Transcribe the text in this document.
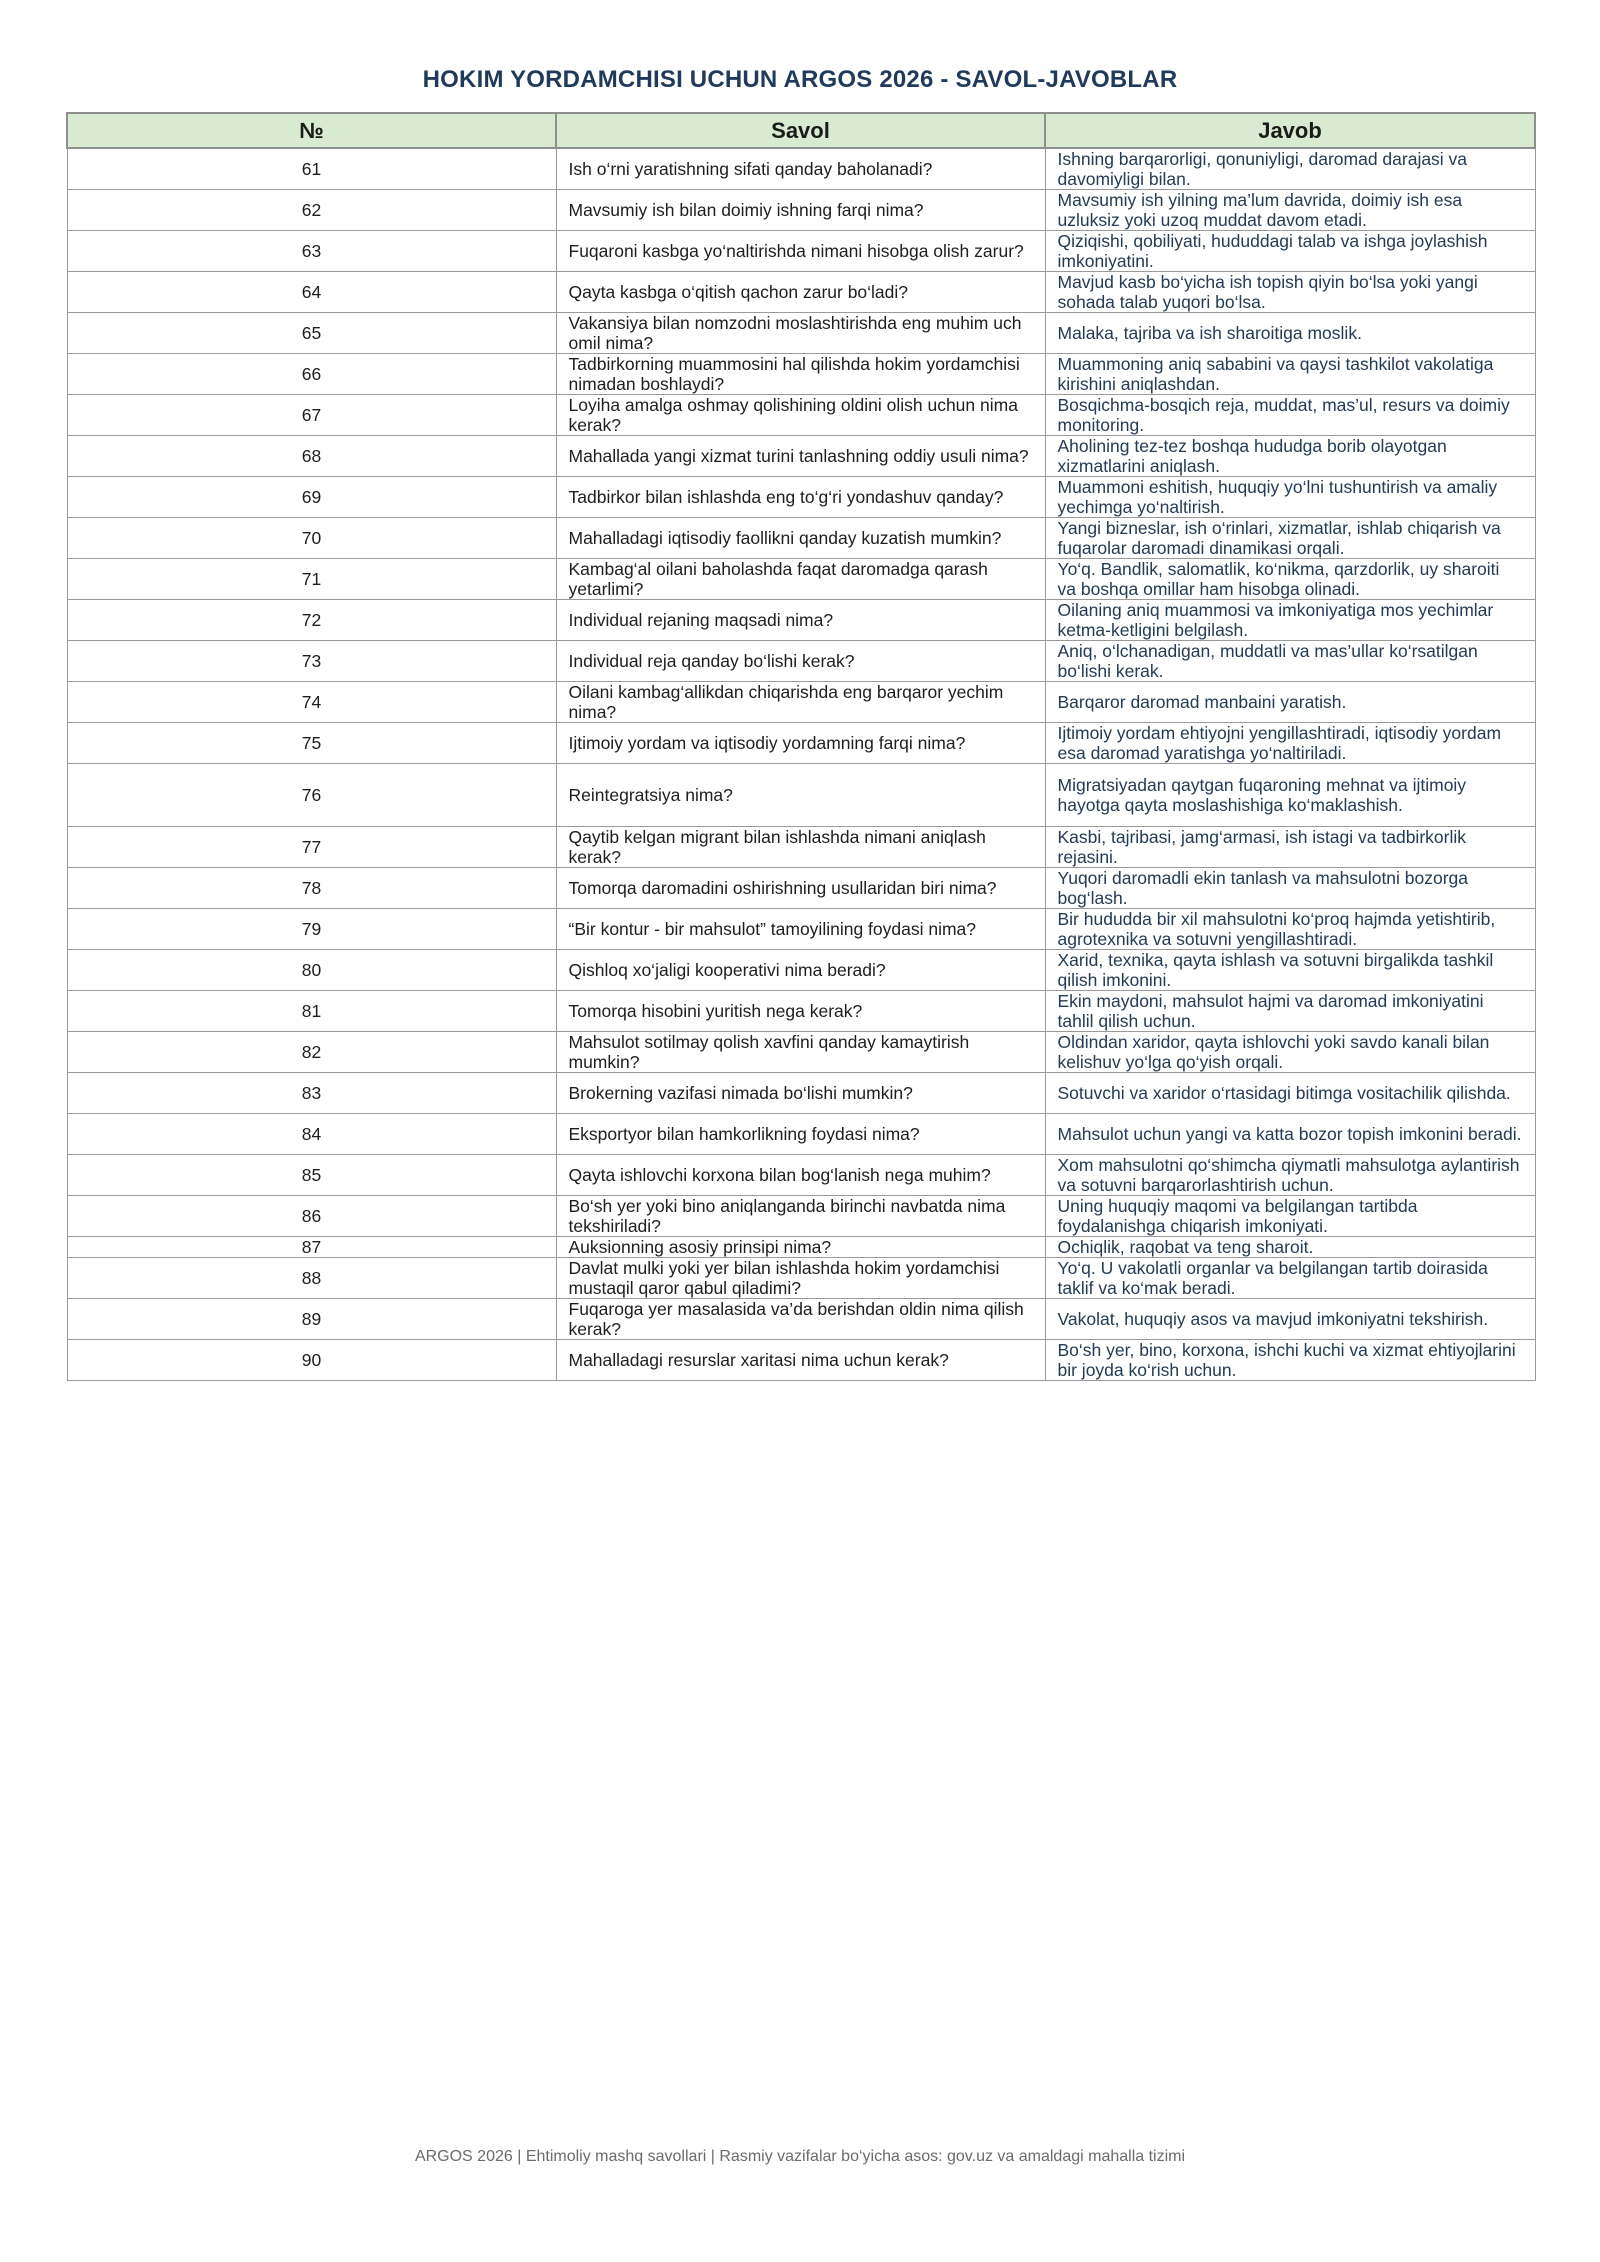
HOKIM YORDAMCHISI UCHUN ARGOS 2026 - SAVOL-JAVOBLAR
№	Savol	Javob
61	Ish o‘rni yaratishning sifati qanday baholanadi?	Ishning barqarorligi, qonuniyligi, daromad darajasi va davomiyligi bilan.
62	Mavsumiy ish bilan doimiy ishning farqi nima?	Mavsumiy ish yilning ma’lum davrida, doimiy ish esa uzluksiz yoki uzoq muddat davom etadi.
63	Fuqaroni kasbga yo‘naltirishda nimani hisobga olish zarur?	Qiziqishi, qobiliyati, hududdagi talab va ishga joylashish imkoniyatini.
64	Qayta kasbga o‘qitish qachon zarur bo‘ladi?	Mavjud kasb bo‘yicha ish topish qiyin bo‘lsa yoki yangi sohada talab yuqori bo‘lsa.
65	Vakansiya bilan nomzodni moslashtirishda eng muhim uch omil nima?	Malaka, tajriba va ish sharoitiga moslik.
66	Tadbirkorning muammosini hal qilishda hokim yordamchisi nimadan boshlaydi?	Muammoning aniq sababini va qaysi tashkilot vakolatiga kirishini aniqlashdan.
67	Loyiha amalga oshmay qolishining oldini olish uchun nima kerak?	Bosqichma-bosqich reja, muddat, mas’ul, resurs va doimiy monitoring.
68	Mahallada yangi xizmat turini tanlashning oddiy usuli nima?	Aholining tez-tez boshqa hududga borib olayotgan xizmatlarini aniqlash.
69	Tadbirkor bilan ishlashda eng to‘g‘ri yondashuv qanday?	Muammoni eshitish, huquqiy yo‘lni tushuntirish va amaliy yechimga yo‘naltirish.
70	Mahalladagi iqtisodiy faollikni qanday kuzatish mumkin?	Yangi bizneslar, ish o‘rinlari, xizmatlar, ishlab chiqarish va fuqarolar daromadi dinamikasi orqali.
71	Kambag‘al oilani baholashda faqat daromadga qarash yetarlimi?	Yo‘q. Bandlik, salomatlik, ko‘nikma, qarzdorlik, uy sharoiti va boshqa omillar ham hisobga olinadi.
72	Individual rejaning maqsadi nima?	Oilaning aniq muammosi va imkoniyatiga mos yechimlar ketma-ketligini belgilash.
73	Individual reja qanday bo‘lishi kerak?	Aniq, o‘lchanadigan, muddatli va mas’ullar ko‘rsatilgan bo‘lishi kerak.
74	Oilani kambag‘allikdan chiqarishda eng barqaror yechim nima?	Barqaror daromad manbaini yaratish.
75	Ijtimoiy yordam va iqtisodiy yordamning farqi nima?	Ijtimoiy yordam ehtiyojni yengillashtiradi, iqtisodiy yordam esa daromad yaratishga yo‘naltiriladi.
76	Reintegratsiya nima?	Migratsiyadan qaytgan fuqaroning mehnat va ijtimoiy hayotga qayta moslashishiga ko‘maklashish.
77	Qaytib kelgan migrant bilan ishlashda nimani aniqlash kerak?	Kasbi, tajribasi, jamg‘armasi, ish istagi va tadbirkorlik rejasini.
78	Tomorqa daromadini oshirishning usullaridan biri nima?	Yuqori daromadli ekin tanlash va mahsulotni bozorga bog‘lash.
79	“Bir kontur - bir mahsulot” tamoyilining foydasi nima?	Bir hududda bir xil mahsulotni ko‘proq hajmda yetishtirib, agrotexnika va sotuvni yengillashtiradi.
80	Qishloq xo‘jaligi kooperativi nima beradi?	Xarid, texnika, qayta ishlash va sotuvni birgalikda tashkil qilish imkonini.
81	Tomorqa hisobini yuritish nega kerak?	Ekin maydoni, mahsulot hajmi va daromad imkoniyatini tahlil qilish uchun.
82	Mahsulot sotilmay qolish xavfini qanday kamaytirish mumkin?	Oldindan xaridor, qayta ishlovchi yoki savdo kanali bilan kelishuv yo‘lga qo‘yish orqali.
83	Brokerning vazifasi nimada bo‘lishi mumkin?	Sotuvchi va xaridor o‘rtasidagi bitimga vositachilik qilishda.
84	Eksportyor bilan hamkorlikning foydasi nima?	Mahsulot uchun yangi va katta bozor topish imkonini beradi.
85	Qayta ishlovchi korxona bilan bog‘lanish nega muhim?	Xom mahsulotni qo‘shimcha qiymatli mahsulotga aylantirish va sotuvni barqarorlashtirish uchun.
86	Bo‘sh yer yoki bino aniqlanganda birinchi navbatda nima tekshiriladi?	Uning huquqiy maqomi va belgilangan tartibda foydalanishga chiqarish imkoniyati.
87	Auksionning asosiy prinsipi nima?	Ochiqlik, raqobat va teng sharoit.
88	Davlat mulki yoki yer bilan ishlashda hokim yordamchisi mustaqil qaror qabul qiladimi?	Yo‘q. U vakolatli organlar va belgilangan tartib doirasida taklif va ko‘mak beradi.
89	Fuqaroga yer masalasida va’da berishdan oldin nima qilish kerak?	Vakolat, huquqiy asos va mavjud imkoniyatni tekshirish.
90	Mahalladagi resurslar xaritasi nima uchun kerak?	Bo‘sh yer, bino, korxona, ishchi kuchi va xizmat ehtiyojlarini bir joyda ko‘rish uchun.
ARGOS 2026 | Ehtimoliy mashq savollari | Rasmiy vazifalar bo‘yicha asos: gov.uz va amaldagi mahalla tizimi
